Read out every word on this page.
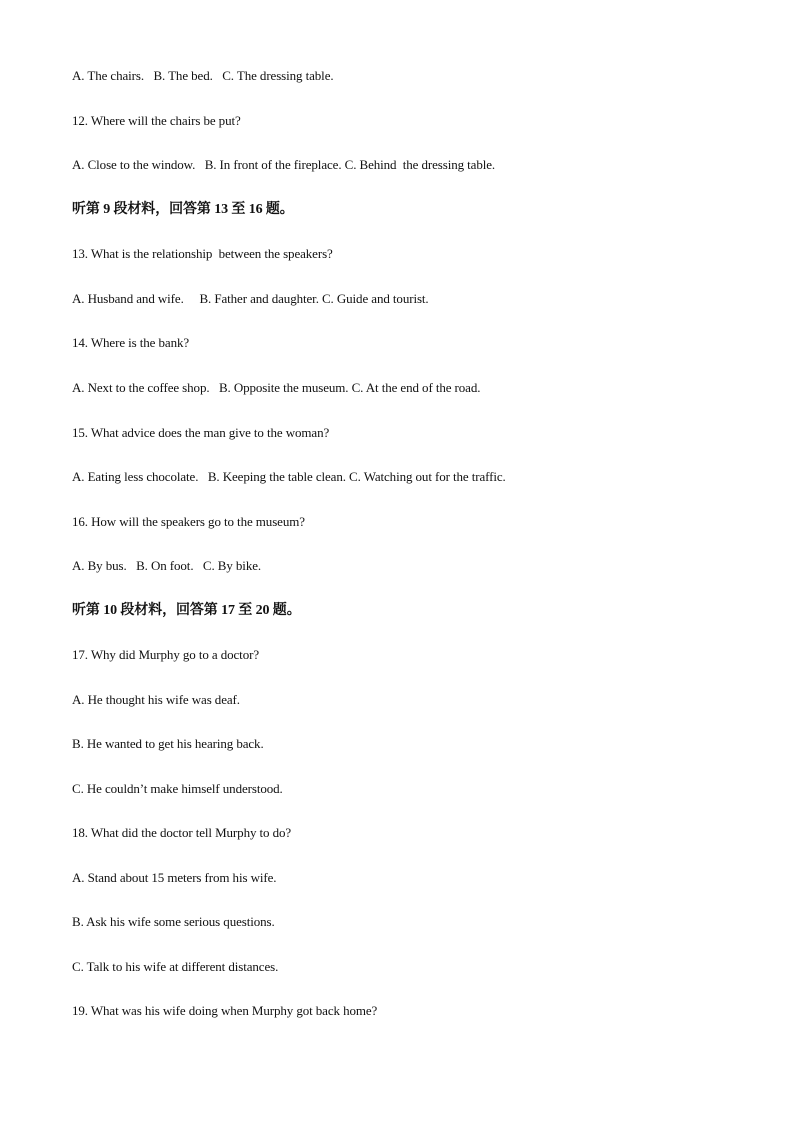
A. The chairs.   B. The bed.   C. The dressing table.
12. Where will the chairs be put?
A. Close to the window.   B. In front of the fireplace. C. Behind  the dressing table.
听第 9 段材料，回答第 13 至 16 题。
13. What is the relationship  between the speakers?
A. Husband and wife.     B. Father and daughter. C. Guide and tourist.
14. Where is the bank?
A. Next to the coffee shop.   B. Opposite the museum. C. At the end of the road.
15. What advice does the man give to the woman?
A. Eating less chocolate.   B. Keeping the table clean. C. Watching out for the traffic.
16. How will the speakers go to the museum?
A. By bus.   B. On foot.   C. By bike.
听第 10 段材料，回答第 17 至 20 题。
17. Why did Murphy go to a doctor?
A. He thought his wife was deaf.
B. He wanted to get his hearing back.
C. He couldn’t make himself understood.
18. What did the doctor tell Murphy to do?
A. Stand about 15 meters from his wife.
B. Ask his wife some serious questions.
C. Talk to his wife at different distances.
19. What was his wife doing when Murphy got back home?
